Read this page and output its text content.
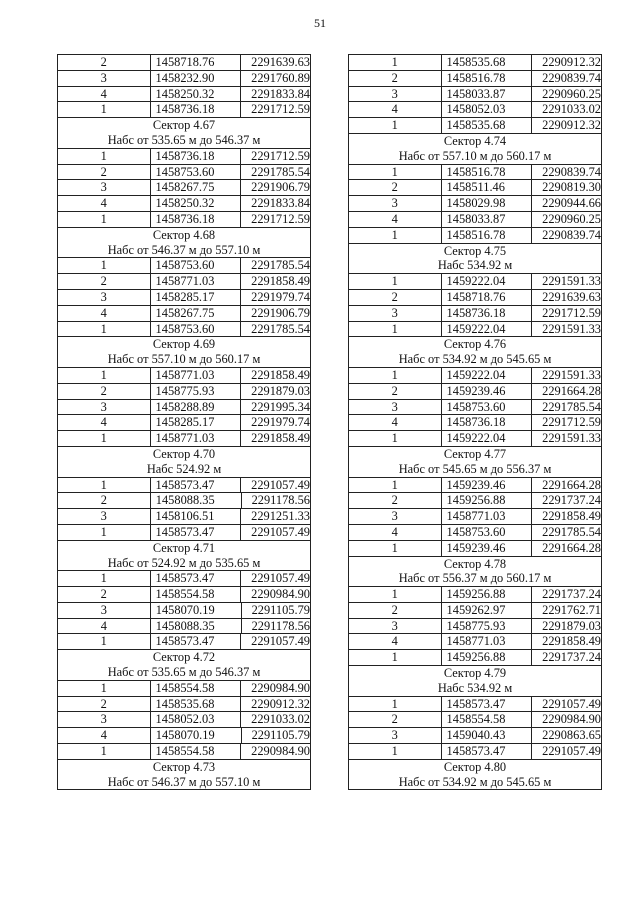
51
2	1458718.76	2291639.63
3	1458232.90	2291760.89
4	1458250.32	2291833.84
1	1458736.18	2291712.59
Сектор 4.67
Набс от 535.65 м до 546.37 м
1	1458736.18	2291712.59
2	1458753.60	2291785.54
3	1458267.75	2291906.79
4	1458250.32	2291833.84
1	1458736.18	2291712.59
Сектор 4.68
Набс от 546.37 м до 557.10 м
1	1458753.60	2291785.54
2	1458771.03	2291858.49
3	1458285.17	2291979.74
4	1458267.75	2291906.79
1	1458753.60	2291785.54
Сектор 4.69
Набс от 557.10 м до 560.17 м
1	1458771.03	2291858.49
2	1458775.93	2291879.03
3	1458288.89	2291995.34
4	1458285.17	2291979.74
1	1458771.03	2291858.49
Сектор 4.70
Набс 524.92 м
1	1458573.47	2291057.49
2	1458088.35	2291178.56
3	1458106.51	2291251.33
1	1458573.47	2291057.49
Сектор 4.71
Набс от 524.92 м до 535.65 м
1	1458573.47	2291057.49
2	1458554.58	2290984.90
3	1458070.19	2291105.79
4	1458088.35	2291178.56
1	1458573.47	2291057.49
Сектор 4.72
Набс от 535.65 м до 546.37 м
1	1458554.58	2290984.90
2	1458535.68	2290912.32
3	1458052.03	2291033.02
4	1458070.19	2291105.79
1	1458554.58	2290984.90
Сектор 4.73
Набс от 546.37 м до 557.10 м
1	1458535.68	2290912.32
2	1458516.78	2290839.74
3	1458033.87	2290960.25
4	1458052.03	2291033.02
1	1458535.68	2290912.32
Сектор 4.74
Набс от 557.10 м до 560.17 м
1	1458516.78	2290839.74
2	1458511.46	2290819.30
3	1458029.98	2290944.66
4	1458033.87	2290960.25
1	1458516.78	2290839.74
Сектор 4.75
Набс 534.92 м
1	1459222.04	2291591.33
2	1458718.76	2291639.63
3	1458736.18	2291712.59
1	1459222.04	2291591.33
Сектор 4.76
Набс от 534.92 м до 545.65 м
1	1459222.04	2291591.33
2	1459239.46	2291664.28
3	1458753.60	2291785.54
4	1458736.18	2291712.59
1	1459222.04	2291591.33
Сектор 4.77
Набс от 545.65 м до 556.37 м
1	1459239.46	2291664.28
2	1459256.88	2291737.24
3	1458771.03	2291858.49
4	1458753.60	2291785.54
1	1459239.46	2291664.28
Сектор 4.78
Набс от 556.37 м до 560.17 м
1	1459256.88	2291737.24
2	1459262.97	2291762.71
3	1458775.93	2291879.03
4	1458771.03	2291858.49
1	1459256.88	2291737.24
Сектор 4.79
Набс 534.92 м
1	1458573.47	2291057.49
2	1458554.58	2290984.90
3	1459040.43	2290863.65
1	1458573.47	2291057.49
Сектор 4.80
Набс от 534.92 м до 545.65 м
